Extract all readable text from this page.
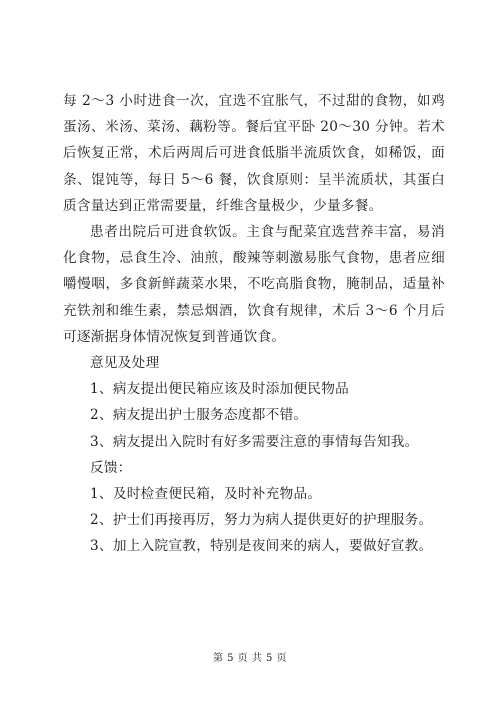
每 2～3 小时进食一次，宜选不宜胀气，不过甜的食物，如鸡蛋汤、米汤、菜汤、藕粉等。餐后宜平卧 20～30 分钟。若术后恢复正常，术后两周后可进食低脂半流质饮食，如稀饭，面条、馄饨等，每日 5～6 餐，饮食原则：呈半流质状，其蛋白质含量达到正常需要量，纤维含量极少，少量多餐。

患者出院后可进食软饭。主食与配菜宜选营养丰富，易消化食物，忌食生冷、油煎，酸辣等刺激易胀气食物，患者应细嚼慢咽，多食新鲜蔬菜水果，不吃高脂食物，腌制品，适量补充铁剂和维生素，禁忌烟酒，饮食有规律，术后 3～6 个月后可逐渐据身体情况恢复到普通饮食。

意见及处理

1、病友提出便民箱应该及时添加便民物品

2、病友提出护士服务态度都不错。

3、病友提出入院时有好多需要注意的事情每告知我。

反馈：

1、及时检查便民箱，及时补充物品。

2、护士们再接再厉，努力为病人提供更好的护理服务。

3、加上入院宣教，特别是夜间来的病人，要做好宣教。

第 5 页 共 5 页
